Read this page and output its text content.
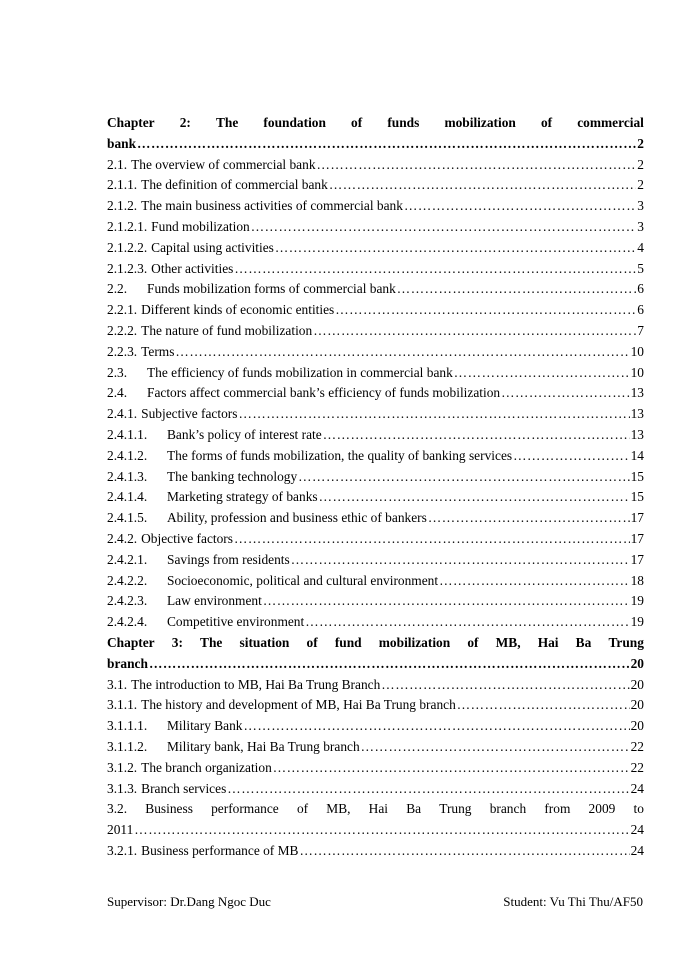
Chapter 2: The foundation of funds mobilization of commercial
bank …………………………………………………………………………………………………………………………………………………………………………	2
2.1. The overview of commercial bank …………………………………………………………………………………………………………………………………………………………………………	2
2.1.1. The definition of commercial bank …………………………………………………………………………………………………………………………………………………………………………	2
2.1.2. The main business activities of commercial bank …………………………………………………………………………………………………………………………………………………………………………	3
2.1.2.1. Fund mobilization …………………………………………………………………………………………………………………………………………………………………………	3
2.1.2.2. Capital using activities …………………………………………………………………………………………………………………………………………………………………………	4
2.1.2.3. Other activities …………………………………………………………………………………………………………………………………………………………………………	5
2.2.	Funds mobilization forms of commercial bank …………………………………………………………………………………………………………………………………………………………………………	6
2.2.1. Different kinds of economic entities …………………………………………………………………………………………………………………………………………………………………………	6
2.2.2. The nature of fund mobilization …………………………………………………………………………………………………………………………………………………………………………	7
2.2.3. Terms …………………………………………………………………………………………………………………………………………………………………………	10
2.3.	The efficiency of funds mobilization in commercial bank …………………………………………………………………………………………………………………………………………………………………………	10
2.4.	Factors affect commercial bank’s efficiency of funds mobilization …………………………………………………………………………………………………………………………………………………………………………	13
2.4.1. Subjective factors …………………………………………………………………………………………………………………………………………………………………………	13
2.4.1.1.	Bank’s policy of interest rate …………………………………………………………………………………………………………………………………………………………………………	13
2.4.1.2.	The forms of funds mobilization, the quality of banking services …………………………………………………………………………………………………………………………………………………………………………	14
2.4.1.3.	The banking technology …………………………………………………………………………………………………………………………………………………………………………	15
2.4.1.4.	Marketing strategy of banks …………………………………………………………………………………………………………………………………………………………………………	15
2.4.1.5.	Ability, profession and business ethic of bankers …………………………………………………………………………………………………………………………………………………………………………	17
2.4.2. Objective factors …………………………………………………………………………………………………………………………………………………………………………	17
2.4.2.1.	Savings from residents …………………………………………………………………………………………………………………………………………………………………………	17
2.4.2.2.	Socioeconomic, political and cultural environment …………………………………………………………………………………………………………………………………………………………………………	18
2.4.2.3.	Law environment …………………………………………………………………………………………………………………………………………………………………………	19
2.4.2.4.	Competitive environment …………………………………………………………………………………………………………………………………………………………………………	19
Chapter 3: The situation of fund mobilization of MB, Hai Ba Trung
branch …………………………………………………………………………………………………………………………………………………………………………	20
3.1. The introduction to MB, Hai Ba Trung Branch …………………………………………………………………………………………………………………………………………………………………………	20
3.1.1. The history and development of MB, Hai Ba Trung branch …………………………………………………………………………………………………………………………………………………………………………	20
3.1.1.1.	Military Bank …………………………………………………………………………………………………………………………………………………………………………	20
3.1.1.2.	Military bank, Hai Ba Trung branch …………………………………………………………………………………………………………………………………………………………………………	22
3.1.2. The branch organization …………………………………………………………………………………………………………………………………………………………………………	22
3.1.3. Branch services …………………………………………………………………………………………………………………………………………………………………………	24
3.2. Business performance of MB, Hai Ba Trung branch from 2009 to
2011 …………………………………………………………………………………………………………………………………………………………………………	24
3.2.1. Business performance of MB …………………………………………………………………………………………………………………………………………………………………………	24
Supervisor: Dr.Dang Ngoc Duc	Student: Vu Thi Thu/AF50
